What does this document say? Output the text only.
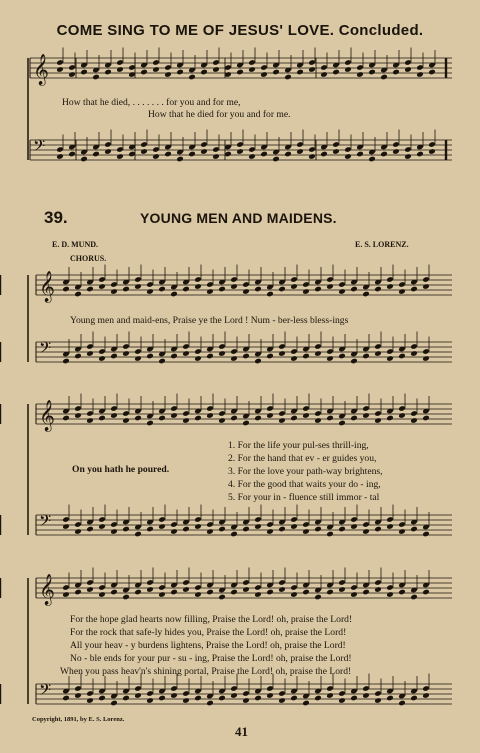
COME SING TO ME OF JESUS' LOVE. Concluded.
𝄞
𝄢
𝄞
𝄢
𝄞
𝄢
𝄞
𝄢
39.	YOUNG MEN AND MAIDENS.
E. D. MUND.	E. S. LORENZ.
CHORUS.
How that he died, . . . . . . . for you and for me,
How that he died for you and for me.
Young men and maid-ens, Praise ye the Lord ! Num - ber-less bless-ings
On you hath he poured.
1. For the life your pul-ses thrill-ing,
2. For the hand that ev - er guides you,
3. For the love your path-way brightens,
4. For the good that waits your do - ing,
5. For your in - fluence still immor - tal
For the hope glad hearts now filling, Praise the Lord! oh, praise the Lord!
For the rock that safe-ly hides you, Praise the Lord! oh, praise the Lord!
All your heav - y burdens lightens, Praise the Lord! oh, praise the Lord!
No - ble ends for your pur - su - ing, Praise the Lord! oh, praise the Lord!
When you pass heav'n's shining portal, Praise the Lord! oh, praise the Lord!
Copyright, 1891, by E. S. Lorenz.
41
